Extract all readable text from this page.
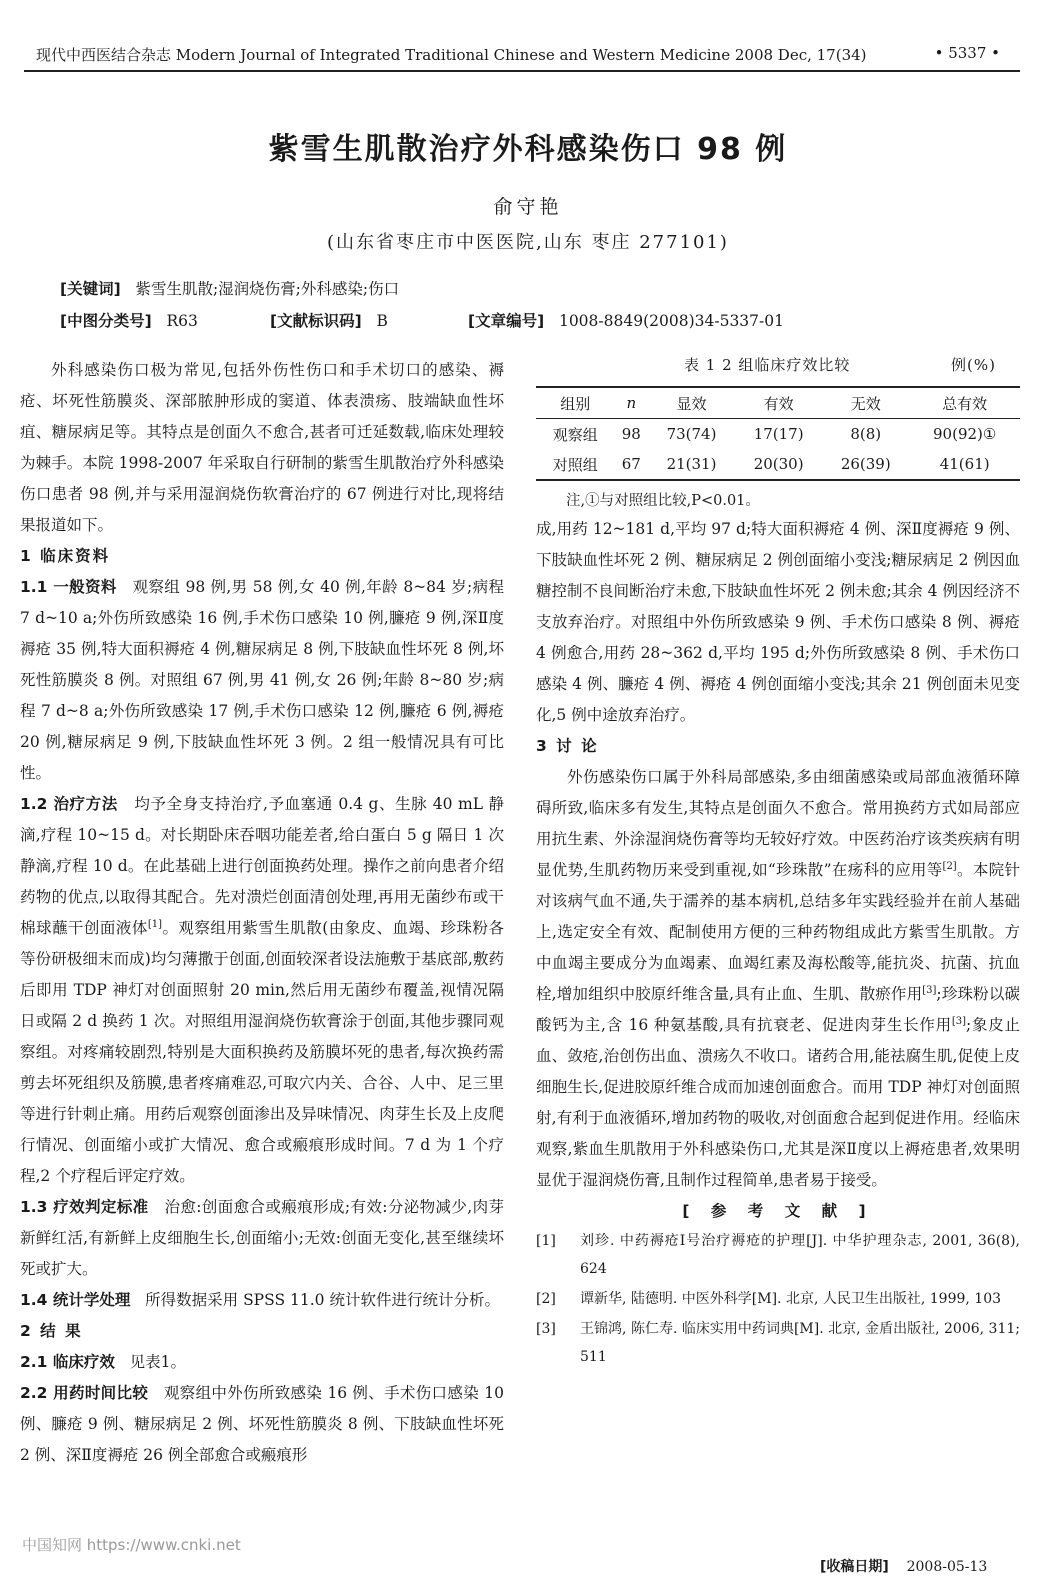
现代中西医结合杂志 Modern Journal of Integrated Traditional Chinese and Western Medicine 2008 Dec, 17(34)	• 5337 •
紫雪生肌散治疗外科感染伤口 98 例
俞守艳
(山东省枣庄市中医医院,山东 枣庄 277101)
[关键词] 紫雪生肌散;湿润烧伤膏;外科感染;伤口
[中图分类号] R63	[文献标识码] B	[文章编号] 1008-8849(2008)34-5337-01

外科感染伤口极为常见,包括外伤性伤口和手术切口的感染、褥疮、坏死性筋膜炎、深部脓肿形成的窦道、体表溃疡、肢端缺血性坏疽、糖尿病足等。其特点是创面久不愈合,甚者可迁延数载,临床处理较为棘手。本院 1998-2007 年采取自行研制的紫雪生肌散治疗外科感染伤口患者 98 例,并与采用湿润烧伤软膏治疗的 67 例进行对比,现将结果报道如下。

1 临床资料

1.1 一般资料 观察组 98 例,男 58 例,女 40 例,年龄 8~84 岁;病程 7 d~10 a;外伤所致感染 16 例,手术伤口感染 10 例,臁疮 9 例,深Ⅱ度褥疮 35 例,特大面积褥疮 4 例,糖尿病足 8 例,下肢缺血性坏死 8 例,坏死性筋膜炎 8 例。对照组 67 例,男 41 例,女 26 例;年龄 8~80 岁;病程 7 d~8 a;外伤所致感染 17 例,手术伤口感染 12 例,臁疮 6 例,褥疮 20 例,糖尿病足 9 例,下肢缺血性坏死 3 例。2 组一般情况具有可比性。

1.2 治疗方法 均予全身支持治疗,予血塞通 0.4 g、生脉 40 mL 静滴,疗程 10~15 d。对长期卧床吞咽功能差者,给白蛋白 5 g 隔日 1 次静滴,疗程 10 d。在此基础上进行创面换药处理。操作之前向患者介绍药物的优点,以取得其配合。先对溃烂创面清创处理,再用无菌纱布或干棉球蘸干创面液体[1]。观察组用紫雪生肌散(由象皮、血竭、珍珠粉各等份研极细末而成)均匀薄撒于创面,创面较深者设法施敷于基底部,敷药后即用 TDP 神灯对创面照射 20 min,然后用无菌纱布覆盖,视情况隔日或隔 2 d 换药 1 次。对照组用湿润烧伤软膏涂于创面,其他步骤同观察组。对疼痛较剧烈,特别是大面积换药及筋膜坏死的患者,每次换药需剪去坏死组织及筋膜,患者疼痛难忍,可取穴内关、合谷、人中、足三里等进行针刺止痛。用药后观察创面渗出及异味情况、肉芽生长及上皮爬行情况、创面缩小或扩大情况、愈合或瘢痕形成时间。7 d 为 1 个疗程,2 个疗程后评定疗效。

1.3 疗效判定标准 治愈:创面愈合或瘢痕形成;有效:分泌物减少,肉芽新鲜红活,有新鲜上皮细胞生长,创面缩小;无效:创面无变化,甚至继续坏死或扩大。

1.4 统计学处理 所得数据采用 SPSS 11.0 统计软件进行统计分析。

2 结 果

2.1 临床疗效 见表1。

2.2 用药时间比较 观察组中外伤所致感染 16 例、手术伤口感染 10 例、臁疮 9 例、糖尿病足 2 例、坏死性筋膜炎 8 例、下肢缺血性坏死 2 例、深Ⅱ度褥疮 26 例全部愈合或瘢痕形

表 1 2 组临床疗效比较	例(%)
组别	n	显效	有效	无效	总有效
观察组	98	73(74)	17(17)	8(8)	90(92)①
对照组	67	21(31)	20(30)	26(39)	41(61)
注,①与对照组比较,P<0.01。

成,用药 12~181 d,平均 97 d;特大面积褥疮 4 例、深Ⅱ度褥疮 9 例、下肢缺血性坏死 2 例、糖尿病足 2 例创面缩小变浅;糖尿病足 2 例因血糖控制不良间断治疗未愈,下肢缺血性坏死 2 例未愈;其余 4 例因经济不支放弃治疗。对照组中外伤所致感染 9 例、手术伤口感染 8 例、褥疮 4 例愈合,用药 28~362 d,平均 195 d;外伤所致感染 8 例、手术伤口感染 4 例、臁疮 4 例、褥疮 4 例创面缩小变浅;其余 21 例创面未见变化,5 例中途放弃治疗。

3 讨 论

外伤感染伤口属于外科局部感染,多由细菌感染或局部血液循环障碍所致,临床多有发生,其特点是创面久不愈合。常用换药方式如局部应用抗生素、外涂湿润烧伤膏等均无较好疗效。中医药治疗该类疾病有明显优势,生肌药物历来受到重视,如“珍珠散”在疡科的应用等[2]。本院针对该病气血不通,失于濡养的基本病机,总结多年实践经验并在前人基础上,选定安全有效、配制使用方便的三种药物组成此方紫雪生肌散。方中血竭主要成分为血竭素、血竭红素及海松酸等,能抗炎、抗菌、抗血栓,增加组织中胶原纤维含量,具有止血、生肌、散瘀作用[3];珍珠粉以碳酸钙为主,含 16 种氨基酸,具有抗衰老、促进肉芽生长作用[3];象皮止血、敛疮,治创伤出血、溃疡久不收口。诸药合用,能祛腐生肌,促使上皮细胞生长,促进胶原纤维合成而加速创面愈合。而用 TDP 神灯对创面照射,有利于血液循环,增加药物的吸收,对创面愈合起到促进作用。经临床观察,紫血生肌散用于外科感染伤口,尤其是深Ⅱ度以上褥疮患者,效果明显优于湿润烧伤膏,且制作过程简单,患者易于接受。

[ 参 考 文 献 ]

[1]	刘珍. 中药褥疮Ⅰ号治疗褥疮的护理[J]. 中华护理杂志, 2001, 36(8), 624
[2]	谭新华, 陆德明. 中医外科学[M]. 北京, 人民卫生出版社, 1999, 103
[3]	王锦鸿, 陈仁寿. 临床实用中药词典[M]. 北京, 金盾出版社, 2006, 311; 511
中国知网 https://www.cnki.net
[收稿日期] 2008-05-13
